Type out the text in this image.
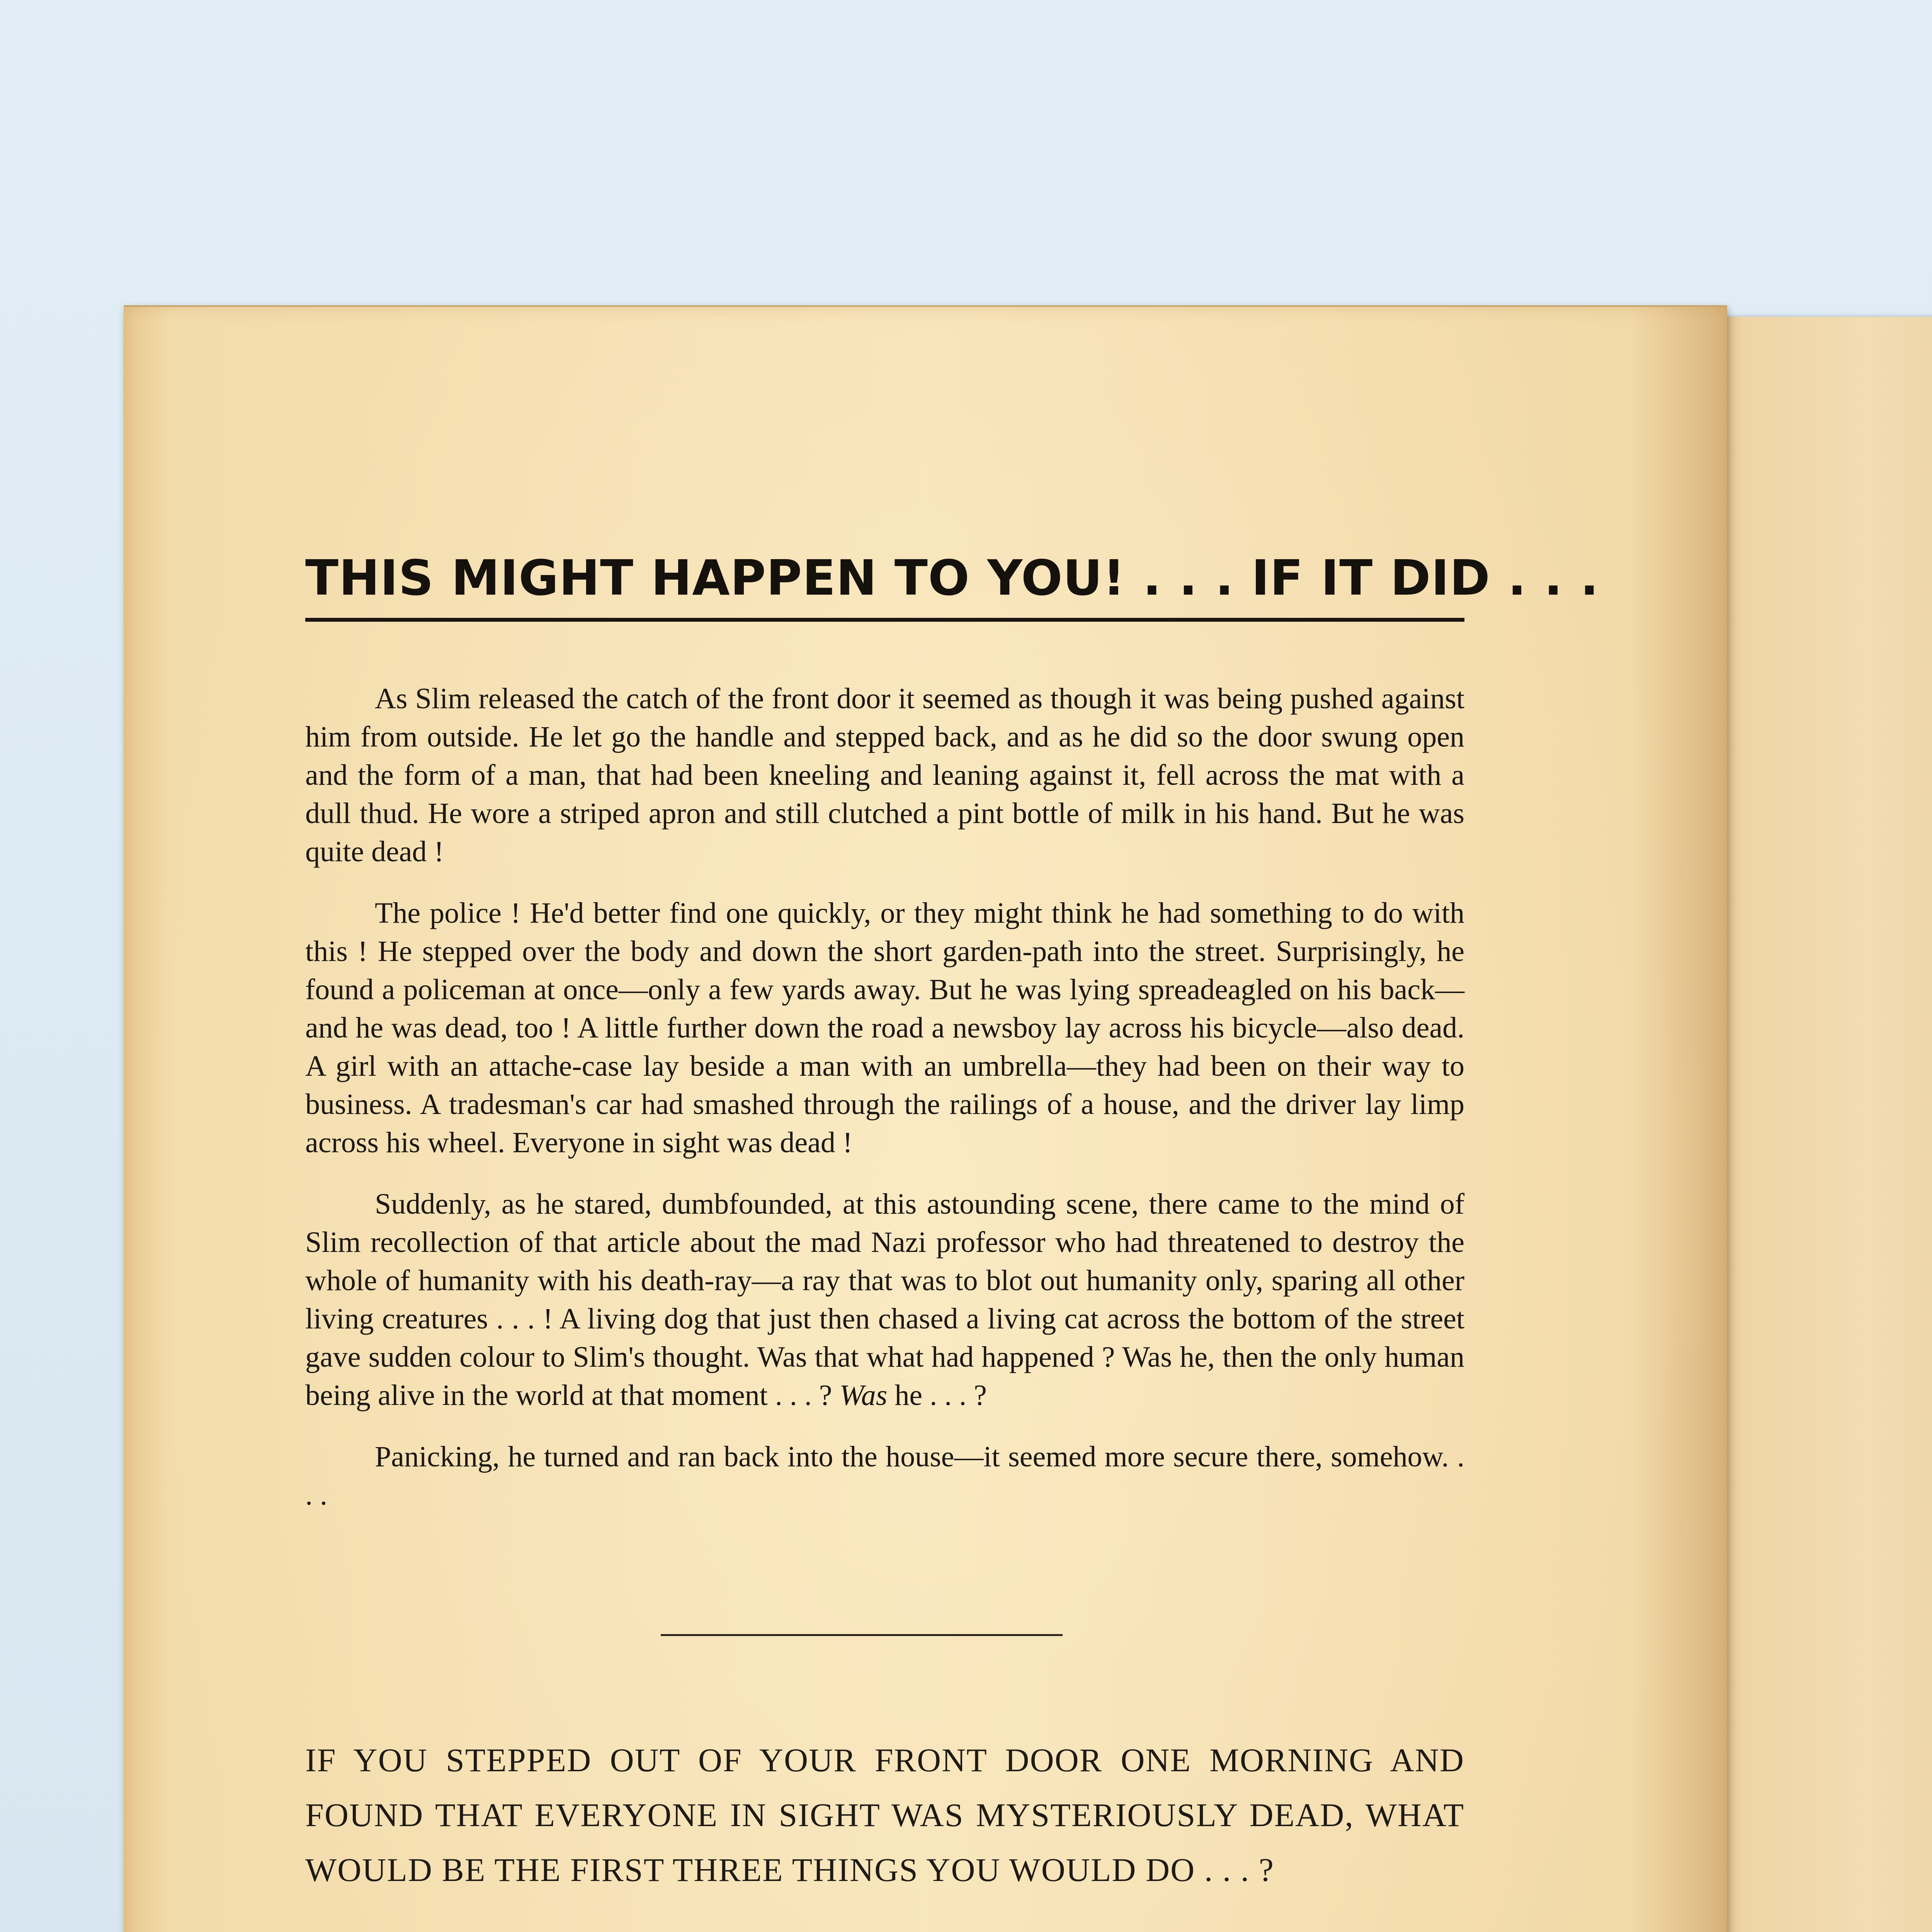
THIS MIGHT HAPPEN TO YOU! . . . IF IT DID . . .

As Slim released the catch of the front door it seemed as though it was being pushed against him from outside. He let go the handle and stepped back, and as he did so the door swung open and the form of a man, that had been kneeling and leaning against it, fell across the mat with a dull thud. He wore a striped apron and still clutched a pint bottle of milk in his hand. But he was quite dead !

The police ! He'd better find one quickly, or they might think he had something to do with this ! He stepped over the body and down the short garden-path into the street. Surprisingly, he found a policeman at once—only a few yards away. But he was lying spreadeagled on his back—and he was dead, too ! A little further down the road a newsboy lay across his bicycle—also dead. A girl with an attache-case lay beside a man with an umbrella—they had been on their way to business. A tradesman's car had smashed through the railings of a house, and the driver lay limp across his wheel. Everyone in sight was dead !

Suddenly, as he stared, dumbfounded, at this astounding scene, there came to the mind of Slim recollection of that article about the mad Nazi professor who had threatened to destroy the whole of humanity with his death-ray—a ray that was to blot out humanity only, sparing all other living creatures . . . ! A living dog that just then chased a living cat across the bottom of the street gave sudden colour to Slim's thought. Was that what had happened ? Was he, then the only human being alive in the world at that moment . . . ? Was he . . . ?

Panicking, he turned and ran back into the house—it seemed more secure there, somehow. . . .

IF YOU STEPPED OUT OF YOUR FRONT DOOR ONE MORNING AND FOUND THAT EVERYONE IN SIGHT WAS MYSTERIOUSLY DEAD, WHAT WOULD BE THE FIRST THREE THINGS YOU WOULD DO . . . ?
